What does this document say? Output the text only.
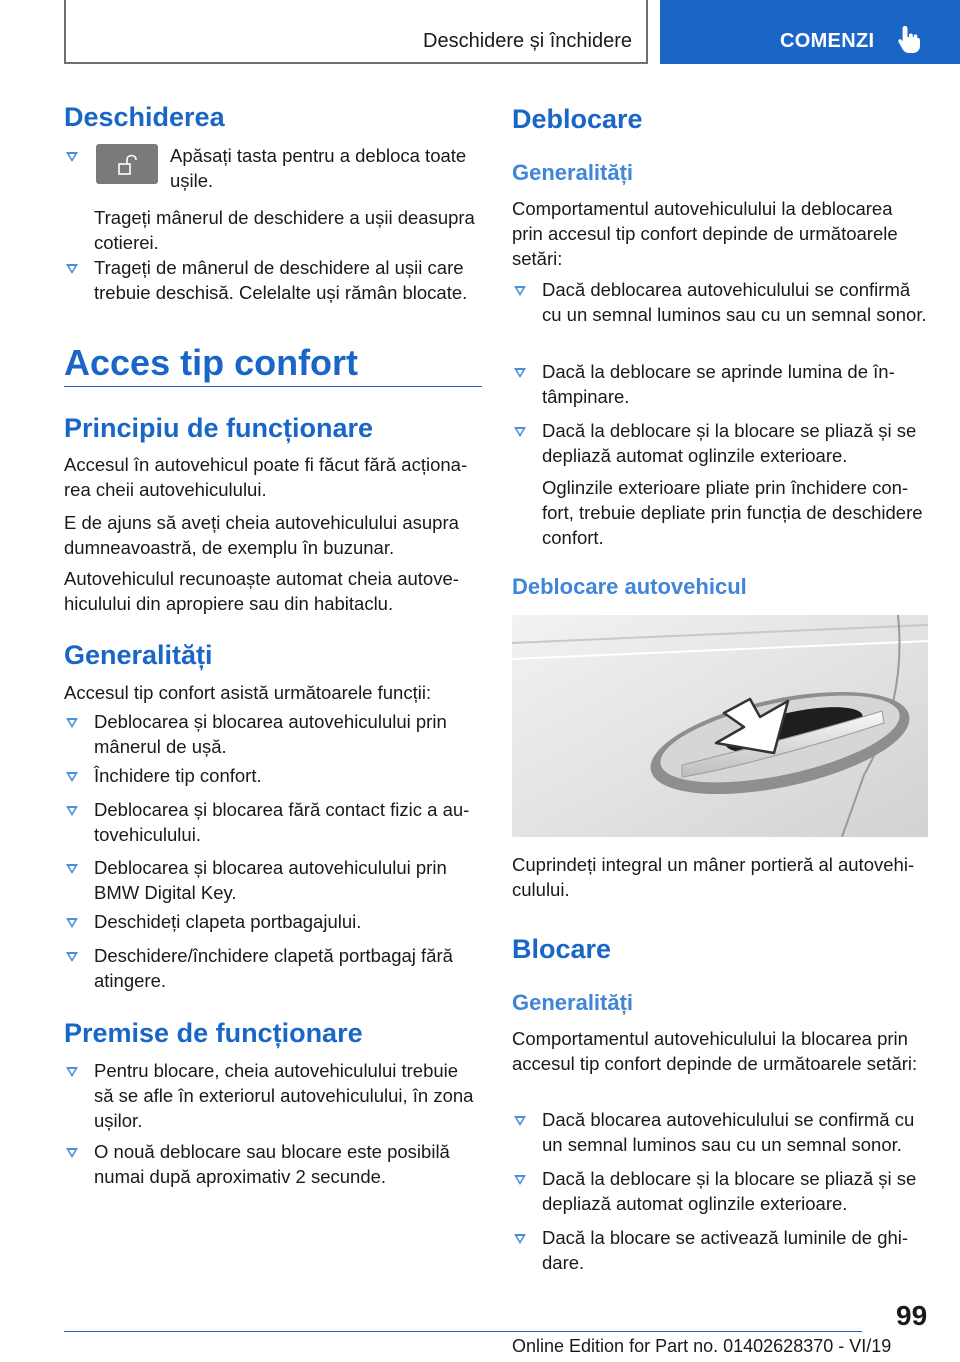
Deschidere și închidere	COMENZI
Deschiderea
Apăsați tasta pentru a debloca toate ușile.
Trageți mânerul de deschidere a ușii deasupra cotierei.
Trageți de mânerul de deschidere al ușii care trebuie deschisă. Celelalte uși rămân blocate.
Acces tip confort
Principiu de funcționare
Accesul în autovehicul poate fi făcut fără acționarea cheii autovehiculului.
E de ajuns să aveți cheia autovehiculului asupra dumneavoastră, de exemplu în buzunar.
Autovehiculul recunoaște automat cheia autovehiculului din apropiere sau din habitaclu.
Generalități
Accesul tip confort asistă următoarele funcții:
Deblocarea și blocarea autovehiculului prin mânerul de ușă.
Închidere tip confort.
Deblocarea și blocarea fără contact fizic a autovehiculului.
Deblocarea și blocarea autovehiculului prin BMW Digital Key.
Deschideți clapeta portbagajului.
Deschidere/închidere clapetă portbagaj fără atingere.
Premise de funcționare
Pentru blocare, cheia autovehiculului trebuie să se afle în exteriorul autovehiculului, în zona ușilor.
O nouă deblocare sau blocare este posibilă numai după aproximativ 2 secunde.
Deblocare
Generalități
Comportamentul autovehiculului la deblocarea prin accesul tip confort depinde de următoarele setări:
Dacă deblocarea autovehiculului se confirmă cu un semnal luminos sau cu un semnal sonor.
Dacă la deblocare se aprinde lumina de întâmpinare.
Dacă la deblocare și la blocare se pliază și se depliază automat oglinzile exterioare.
Oglinzile exterioare pliate prin închidere confort, trebuie depliate prin funcția de deschidere confort.
Deblocare autovehicul
Cuprindeți integral un mâner portieră al autovehiculului.
Blocare
Generalități
Comportamentul autovehiculului la blocarea prin accesul tip confort depinde de următoarele setări:
Dacă blocarea autovehiculului se confirmă cu un semnal luminos sau cu un semnal sonor.
Dacă la deblocare și la blocare se pliază și se depliază automat oglinzile exterioare.
Dacă la blocare se activează luminile de ghidare.
99
Online Edition for Part no. 01402628370 - VI/19
